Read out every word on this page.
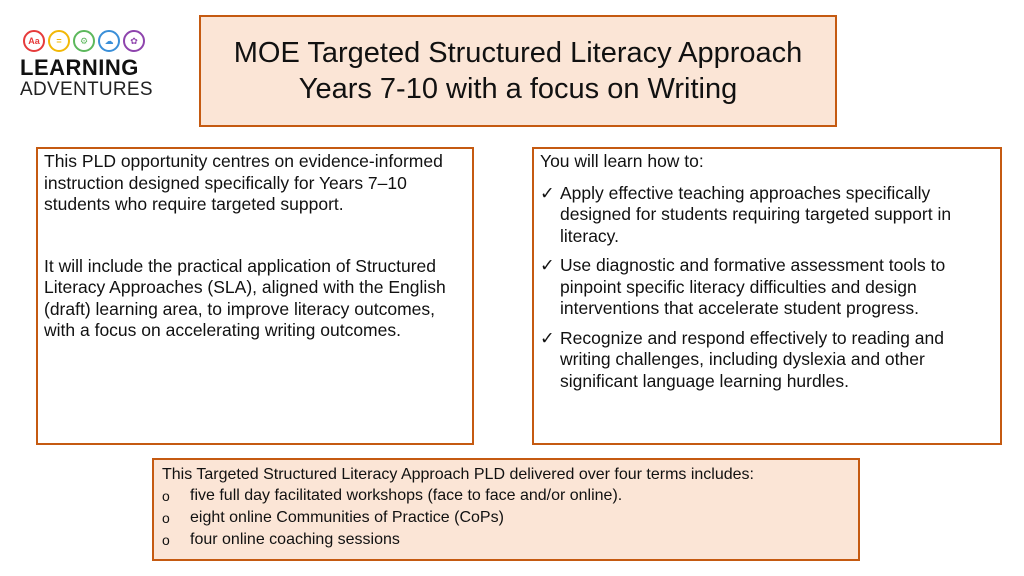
Aa	=	⚙	☁	✿
LEARNING
ADVENTURES
MOE Targeted Structured Literacy Approach
Years 7-10 with a focus on Writing

This PLD opportunity centres on evidence-informed instruction designed specifically for Years 7–10 students who require targeted support.

It will include the practical application of Structured Literacy Approaches (SLA), aligned with the English (draft) learning area, to improve literacy outcomes, with a focus on accelerating writing outcomes.

You will learn how to:

✓ Apply effective teaching approaches specifically designed for students requiring targeted support in literacy.
✓ Use diagnostic and formative assessment tools to pinpoint specific literacy difficulties and design interventions that accelerate student progress.
✓ Recognize and respond effectively to reading and writing challenges, including dyslexia and other significant language learning hurdles.

This Targeted Structured Literacy Approach PLD delivered over four terms includes:

o	five full day facilitated workshops (face to face and/or online).
o	eight online Communities of Practice (CoPs)
o	four online coaching sessions
